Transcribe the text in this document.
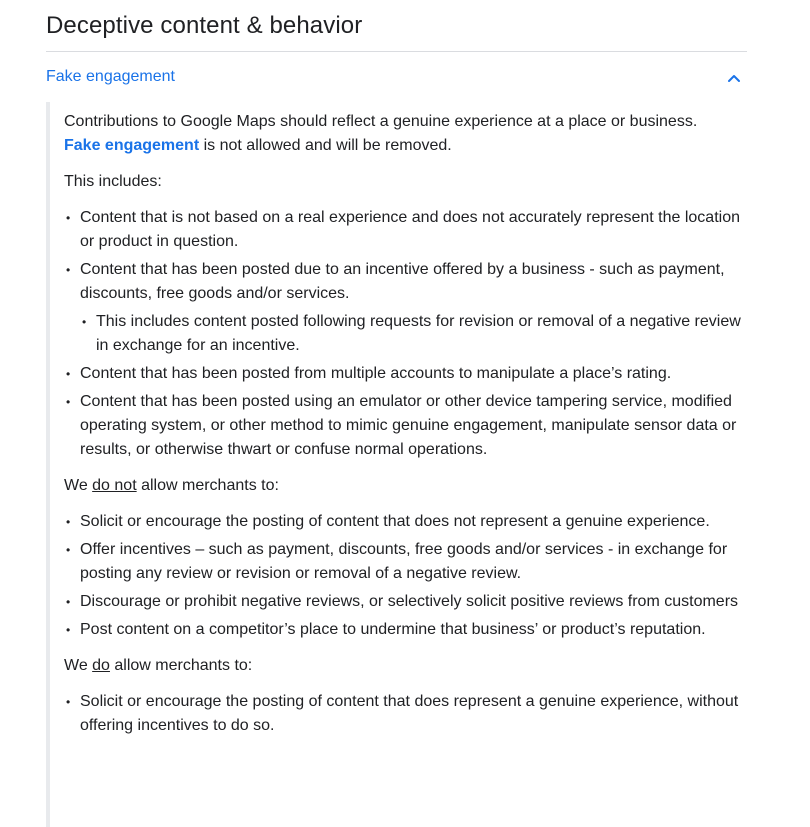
Deceptive content & behavior
Fake engagement

Contributions to Google Maps should reflect a genuine experience at a place or business.
Fake engagement is not allowed and will be removed.

This includes:

• Content that is not based on a real experience and does not accurately represent the location or product in question.
• Content that has been posted due to an incentive offered by a business - such as payment, discounts, free goods and/or services.
• This includes content posted following requests for revision or removal of a negative review in exchange for an incentive.
• Content that has been posted from multiple accounts to manipulate a place’s rating.
• Content that has been posted using an emulator or other device tampering service, modified operating system, or other method to mimic genuine engagement, manipulate sensor data or results, or otherwise thwart or confuse normal operations.

We do not allow merchants to:

• Solicit or encourage the posting of content that does not represent a genuine experience.
• Offer incentives – such as payment, discounts, free goods and/or services - in exchange for posting any review or revision or removal of a negative review.
• Discourage or prohibit negative reviews, or selectively solicit positive reviews from customers
• Post content on a competitor’s place to undermine that business’ or product’s reputation.

We do allow merchants to:

• Solicit or encourage the posting of content that does represent a genuine experience, without offering incentives to do so.
